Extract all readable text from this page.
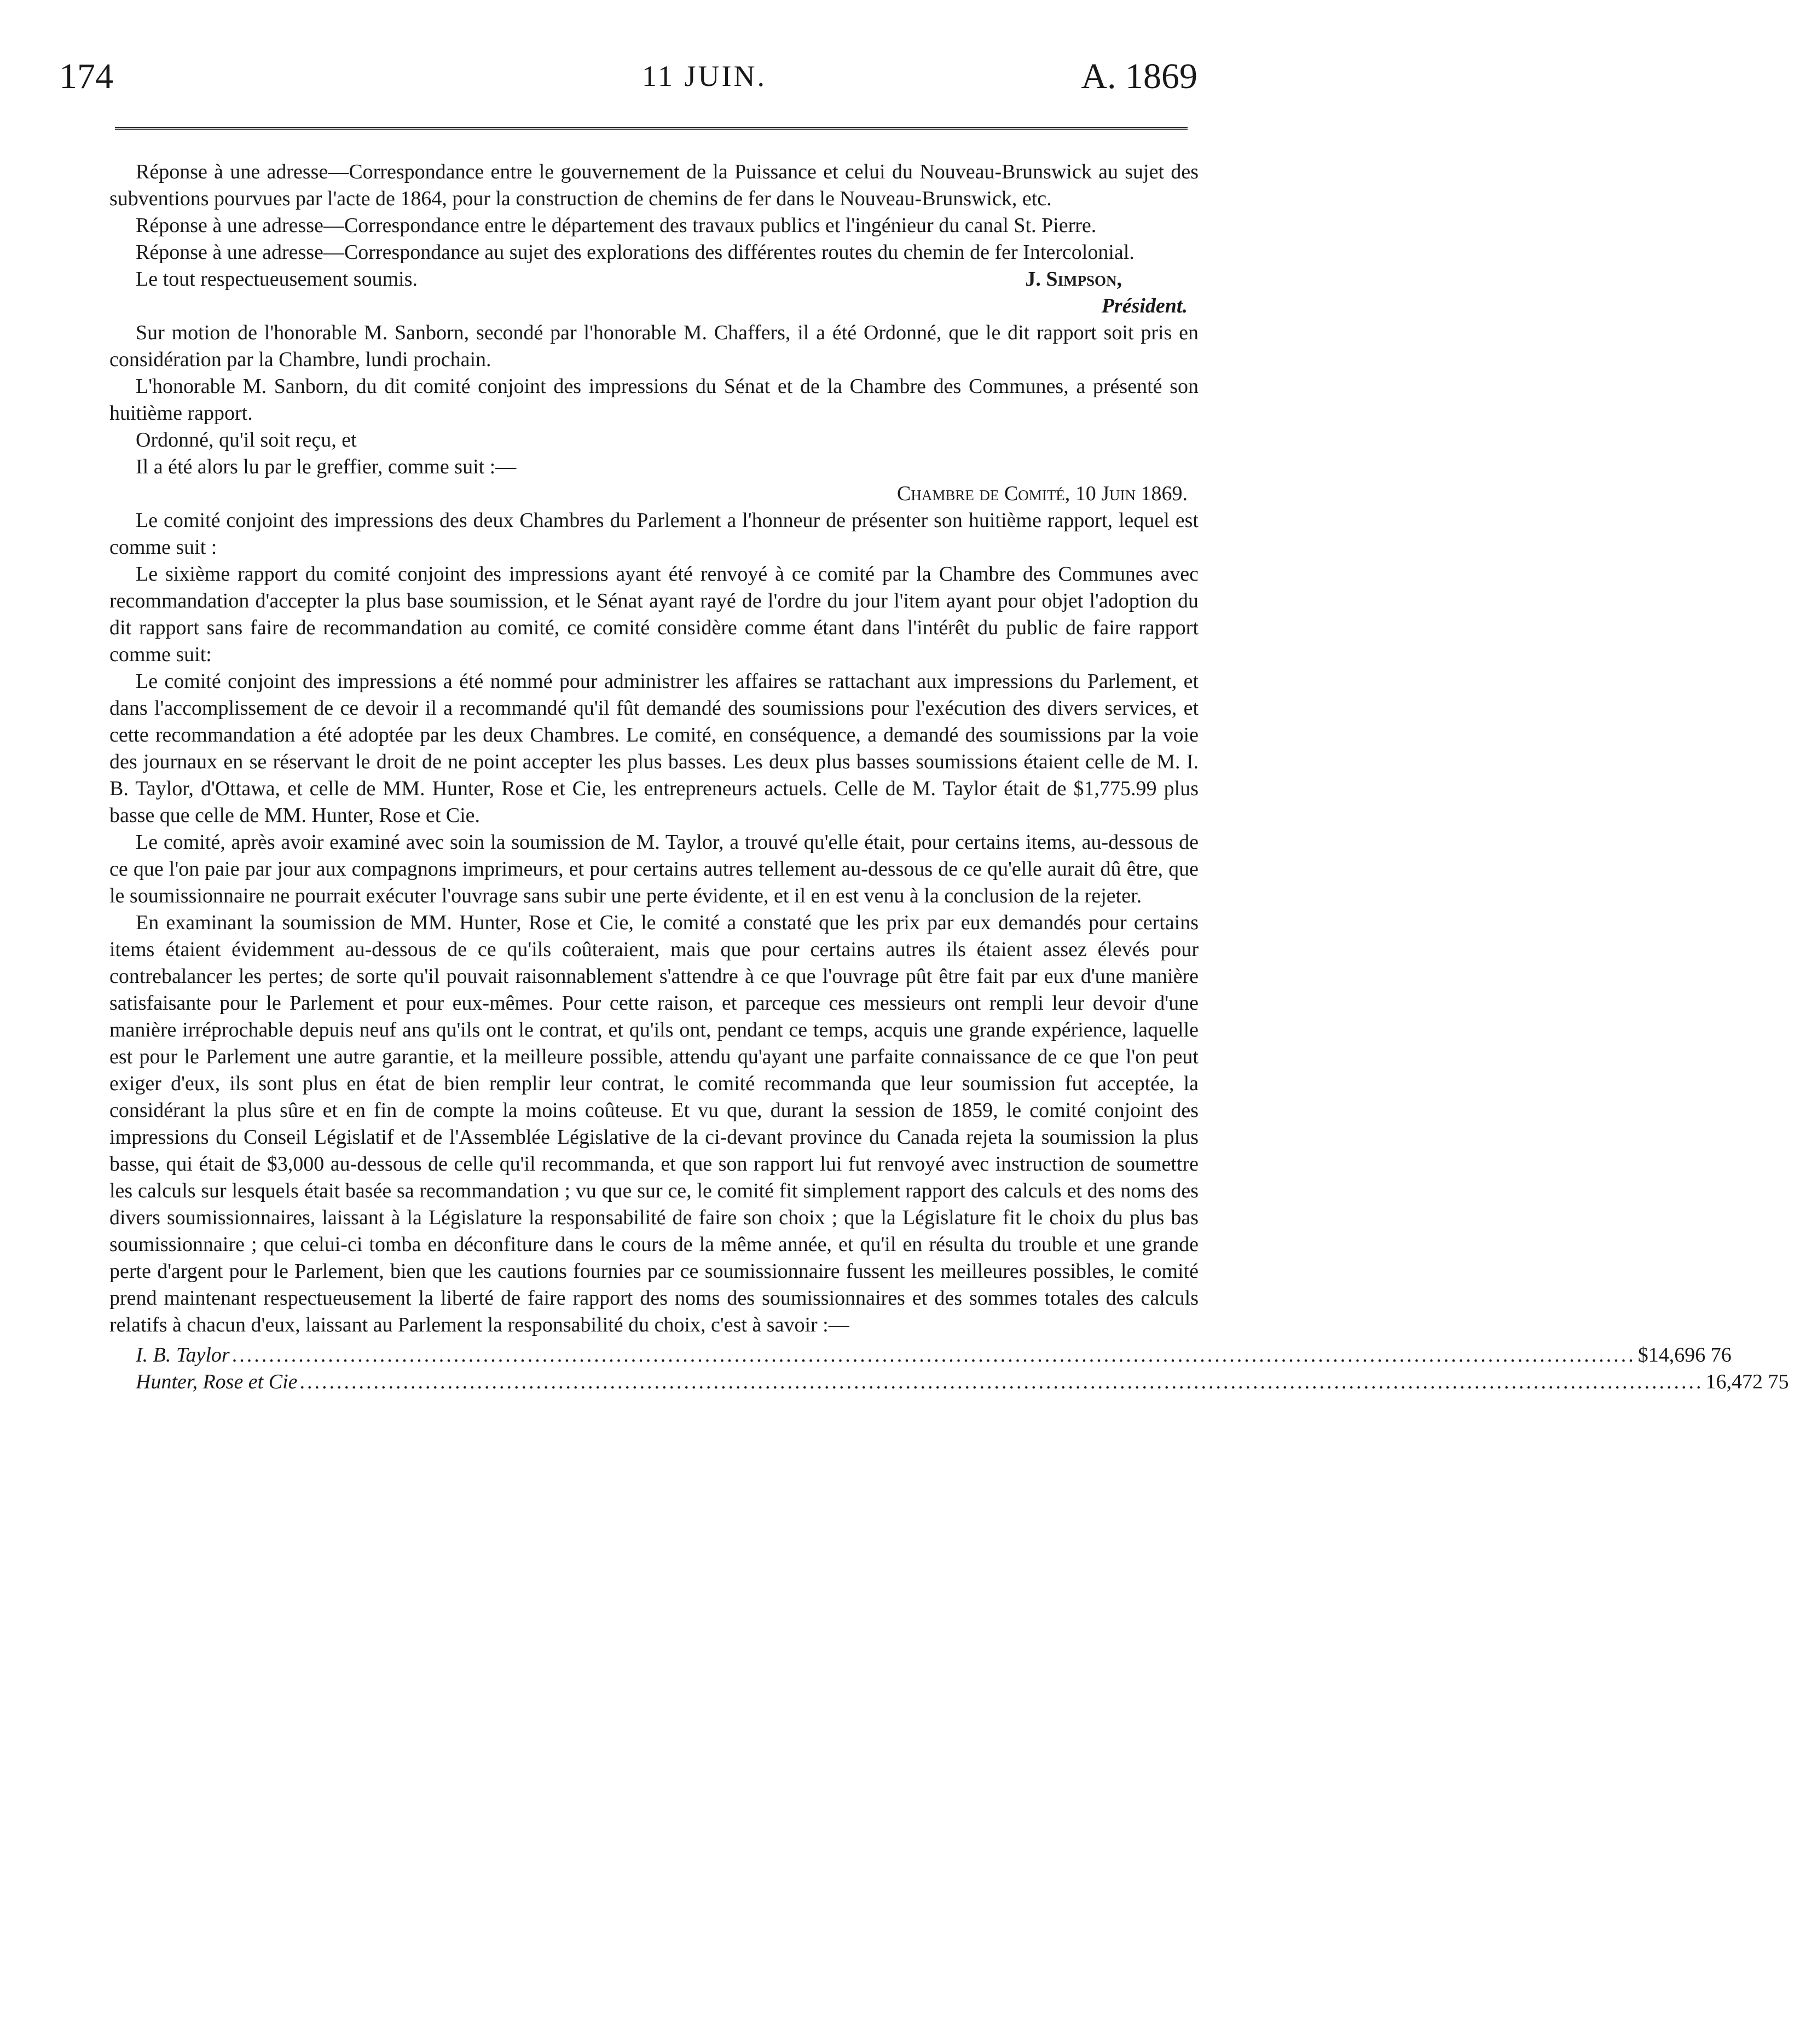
174	11 JUIN.	A. 1869

Réponse à une adresse—Correspondance entre le gouvernement de la Puissance et celui du Nouveau-Brunswick au sujet des subventions pourvues par l'acte de 1864, pour la construction de chemins de fer dans le Nouveau-Brunswick, etc.

Réponse à une adresse—Correspondance entre le département des travaux publics et l'ingénieur du canal St. Pierre.

Réponse à une adresse—Correspondance au sujet des explorations des différentes routes du chemin de fer Intercolonial.

Le tout respectueusement soumis.	J. Simpson,
Président.

Sur motion de l'honorable M. Sanborn, secondé par l'honorable M. Chaffers, il a été Ordonné, que le dit rapport soit pris en considération par la Chambre, lundi prochain.

L'honorable M. Sanborn, du dit comité conjoint des impressions du Sénat et de la Chambre des Communes, a présenté son huitième rapport.

Ordonné, qu'il soit reçu, et

Il a été alors lu par le greffier, comme suit :—

Chambre de Comité, 10 Juin 1869.

Le comité conjoint des impressions des deux Chambres du Parlement a l'honneur de présenter son huitième rapport, lequel est comme suit :

Le sixième rapport du comité conjoint des impressions ayant été renvoyé à ce comité par la Chambre des Communes avec recommandation d'accepter la plus base soumission, et le Sénat ayant rayé de l'ordre du jour l'item ayant pour objet l'adoption du dit rapport sans faire de recommandation au comité, ce comité considère comme étant dans l'intérêt du public de faire rapport comme suit:

Le comité conjoint des impressions a été nommé pour administrer les affaires se rattachant aux impressions du Parlement, et dans l'accomplissement de ce devoir il a recommandé qu'il fût demandé des soumissions pour l'exécution des divers services, et cette recommandation a été adoptée par les deux Chambres. Le comité, en conséquence, a demandé des soumissions par la voie des journaux en se réservant le droit de ne point accepter les plus basses. Les deux plus basses soumissions étaient celle de M. I. B. Taylor, d'Ottawa, et celle de MM. Hunter, Rose et Cie, les entrepreneurs actuels. Celle de M. Taylor était de $1,775.99 plus basse que celle de MM. Hunter, Rose et Cie.

Le comité, après avoir examiné avec soin la soumission de M. Taylor, a trouvé qu'elle était, pour certains items, au-dessous de ce que l'on paie par jour aux compagnons imprimeurs, et pour certains autres tellement au-dessous de ce qu'elle aurait dû être, que le soumissionnaire ne pourrait exécuter l'ouvrage sans subir une perte évidente, et il en est venu à la conclusion de la rejeter.

En examinant la soumission de MM. Hunter, Rose et Cie, le comité a constaté que les prix par eux demandés pour certains items étaient évidemment au-dessous de ce qu'ils coûteraient, mais que pour certains autres ils étaient assez élevés pour contrebalancer les pertes; de sorte qu'il pouvait raisonnablement s'attendre à ce que l'ouvrage pût être fait par eux d'une manière satisfaisante pour le Parlement et pour eux-mêmes. Pour cette raison, et parceque ces messieurs ont rempli leur devoir d'une manière irréprochable depuis neuf ans qu'ils ont le contrat, et qu'ils ont, pendant ce temps, acquis une grande expérience, laquelle est pour le Parlement une autre garantie, et la meilleure possible, attendu qu'ayant une parfaite connaissance de ce que l'on peut exiger d'eux, ils sont plus en état de bien remplir leur contrat, le comité recommanda que leur soumission fut acceptée, la considérant la plus sûre et en fin de compte la moins coûteuse. Et vu que, durant la session de 1859, le comité conjoint des impressions du Conseil Législatif et de l'Assemblée Législative de la ci-devant province du Canada rejeta la soumission la plus basse, qui était de $3,000 au-dessous de celle qu'il recommanda, et que son rapport lui fut renvoyé avec instruction de soumettre les calculs sur lesquels était basée sa recommandation ; vu que sur ce, le comité fit simplement rapport des calculs et des noms des divers soumissionnaires, laissant à la Législature la responsabilité de faire son choix ; que la Législature fit le choix du plus bas soumissionnaire ; que celui-ci tomba en déconfiture dans le cours de la même année, et qu'il en résulta du trouble et une grande perte d'argent pour le Parlement, bien que les cautions fournies par ce soumissionnaire fussent les meilleures possibles, le comité prend maintenant respectueusement la liberté de faire rapport des noms des soumissionnaires et des sommes totales des calculs relatifs à chacun d'eux, laissant au Parlement la responsabilité du choix, c'est à savoir :—

I. B. Taylor .............................................................................................................................................................................................. $14,696 76
Hunter, Rose et Cie .............................................................................................................................................................................................. 16,472 75
